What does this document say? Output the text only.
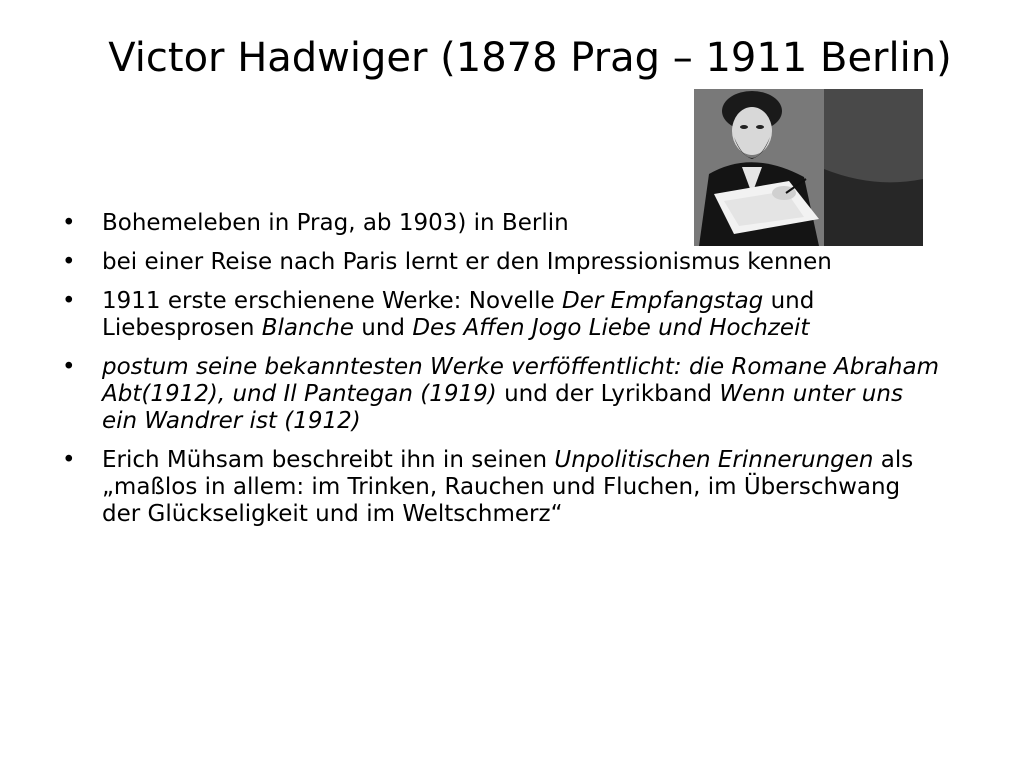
Victor Hadwiger (1878 Prag – 1911 Berlin)
• Bohemeleben in Prag, ab 1903) in Berlin
• bei einer Reise nach Paris lernt er den Impressionismus kennen
• 1911 erste erschienene Werke: Novelle Der Empfangstag und Liebesprosen Blanche und Des Affen Jogo Liebe und Hochzeit
• postum seine bekanntesten Werke verföffentlicht: die Romane Abraham Abt(1912), und Il Pantegan (1919) und der Lyrikband Wenn unter uns ein Wandrer ist (1912)
• Erich Mühsam beschreibt ihn in seinen Unpolitischen Erinnerungen als „maßlos in allem: im Trinken, Rauchen und Fluchen, im Überschwang der Glückseligkeit und im Weltschmerz“
